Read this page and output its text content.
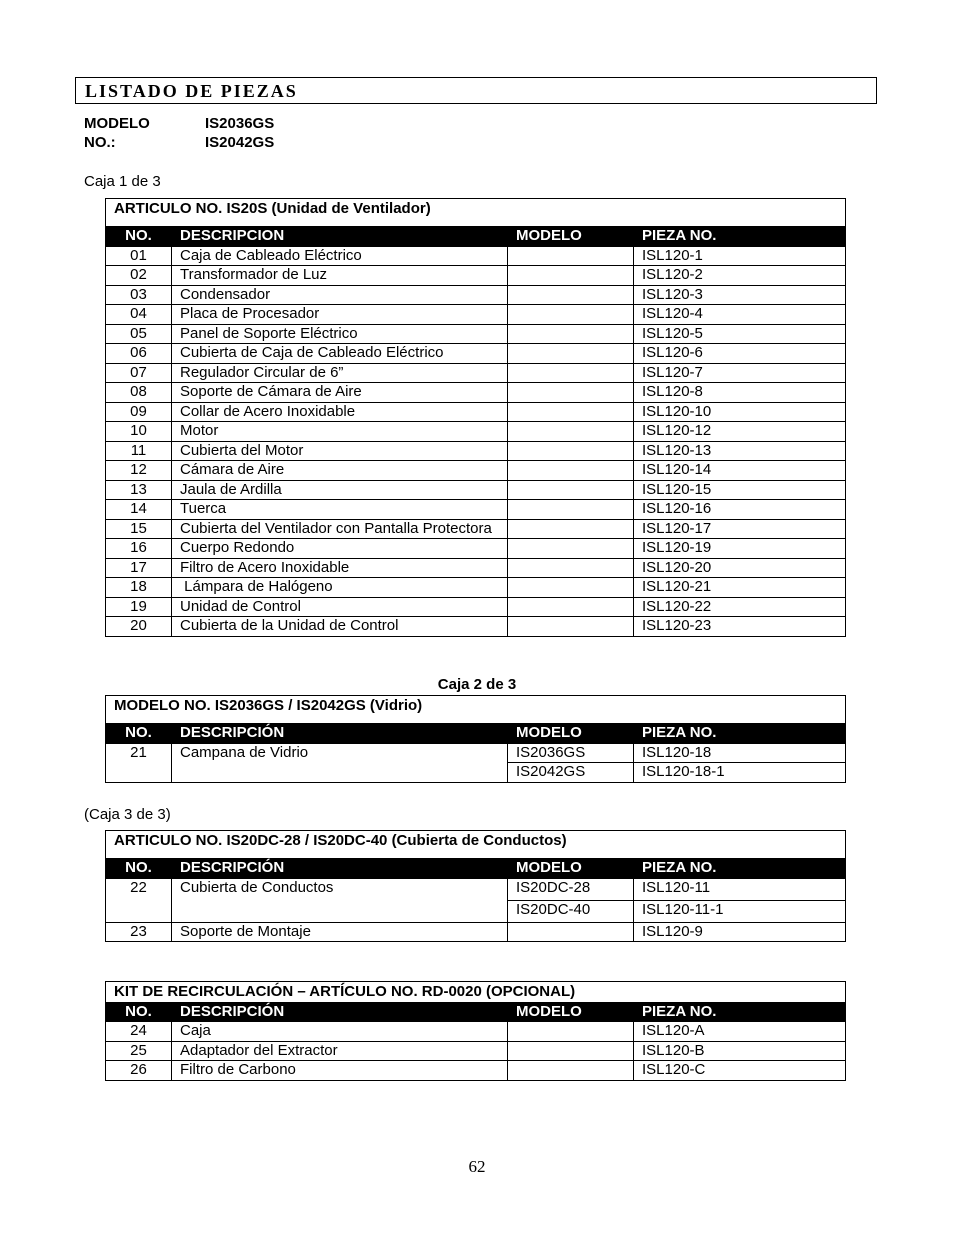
LISTADO DE PIEZAS
MODELO	IS2036GS
NO.:	IS2042GS
Caja 1 de 3
ARTICULO NO. IS20S (Unidad de Ventilador)			
NO.	DESCRIPCION	MODELO	PIEZA NO.
01	Caja de Cableado Eléctrico		ISL120-1
02	Transformador de Luz		ISL120-2
03	Condensador		ISL120-3
04	Placa de Procesador		ISL120-4
05	Panel de Soporte Eléctrico		ISL120-5
06	Cubierta de Caja de Cableado Eléctrico		ISL120-6
07	Regulador Circular de 6”		ISL120-7
08	Soporte de Cámara de Aire		ISL120-8
09	Collar de Acero Inoxidable		ISL120-10
10	Motor		ISL120-12
11	Cubierta del Motor		ISL120-13
12	Cámara de Aire		ISL120-14
13	Jaula de Ardilla		ISL120-15
14	Tuerca		ISL120-16
15	Cubierta del Ventilador con Pantalla Protectora		ISL120-17
16	Cuerpo Redondo		ISL120-19
17	Filtro de Acero Inoxidable		ISL120-20
18	Lámpara de Halógeno		ISL120-21
19	Unidad de Control		ISL120-22
20	Cubierta de la Unidad de Control		ISL120-23
Caja 2 de 3
MODELO NO. IS2036GS / IS2042GS (Vidrio)			
NO.	DESCRIPCIÓN	MODELO	PIEZA NO.
21	Campana de Vidrio	IS2036GS	ISL120-18
		IS2042GS	ISL120-18-1
(Caja 3 de 3)
ARTICULO NO. IS20DC-28 / IS20DC-40 (Cubierta de Conductos)			
NO.	DESCRIPCIÓN	MODELO	PIEZA NO.
22	Cubierta de Conductos	IS20DC-28	ISL120-11
		IS20DC-40	ISL120-11-1
23	Soporte de Montaje		ISL120-9
KIT DE RECIRCULACIÓN – ARTÍCULO NO. RD-0020 (OPCIONAL)			
NO.	DESCRIPCIÓN	MODELO	PIEZA NO.
24	Caja		ISL120-A
25	Adaptador del Extractor		ISL120-B
26	Filtro de Carbono		ISL120-C
62
